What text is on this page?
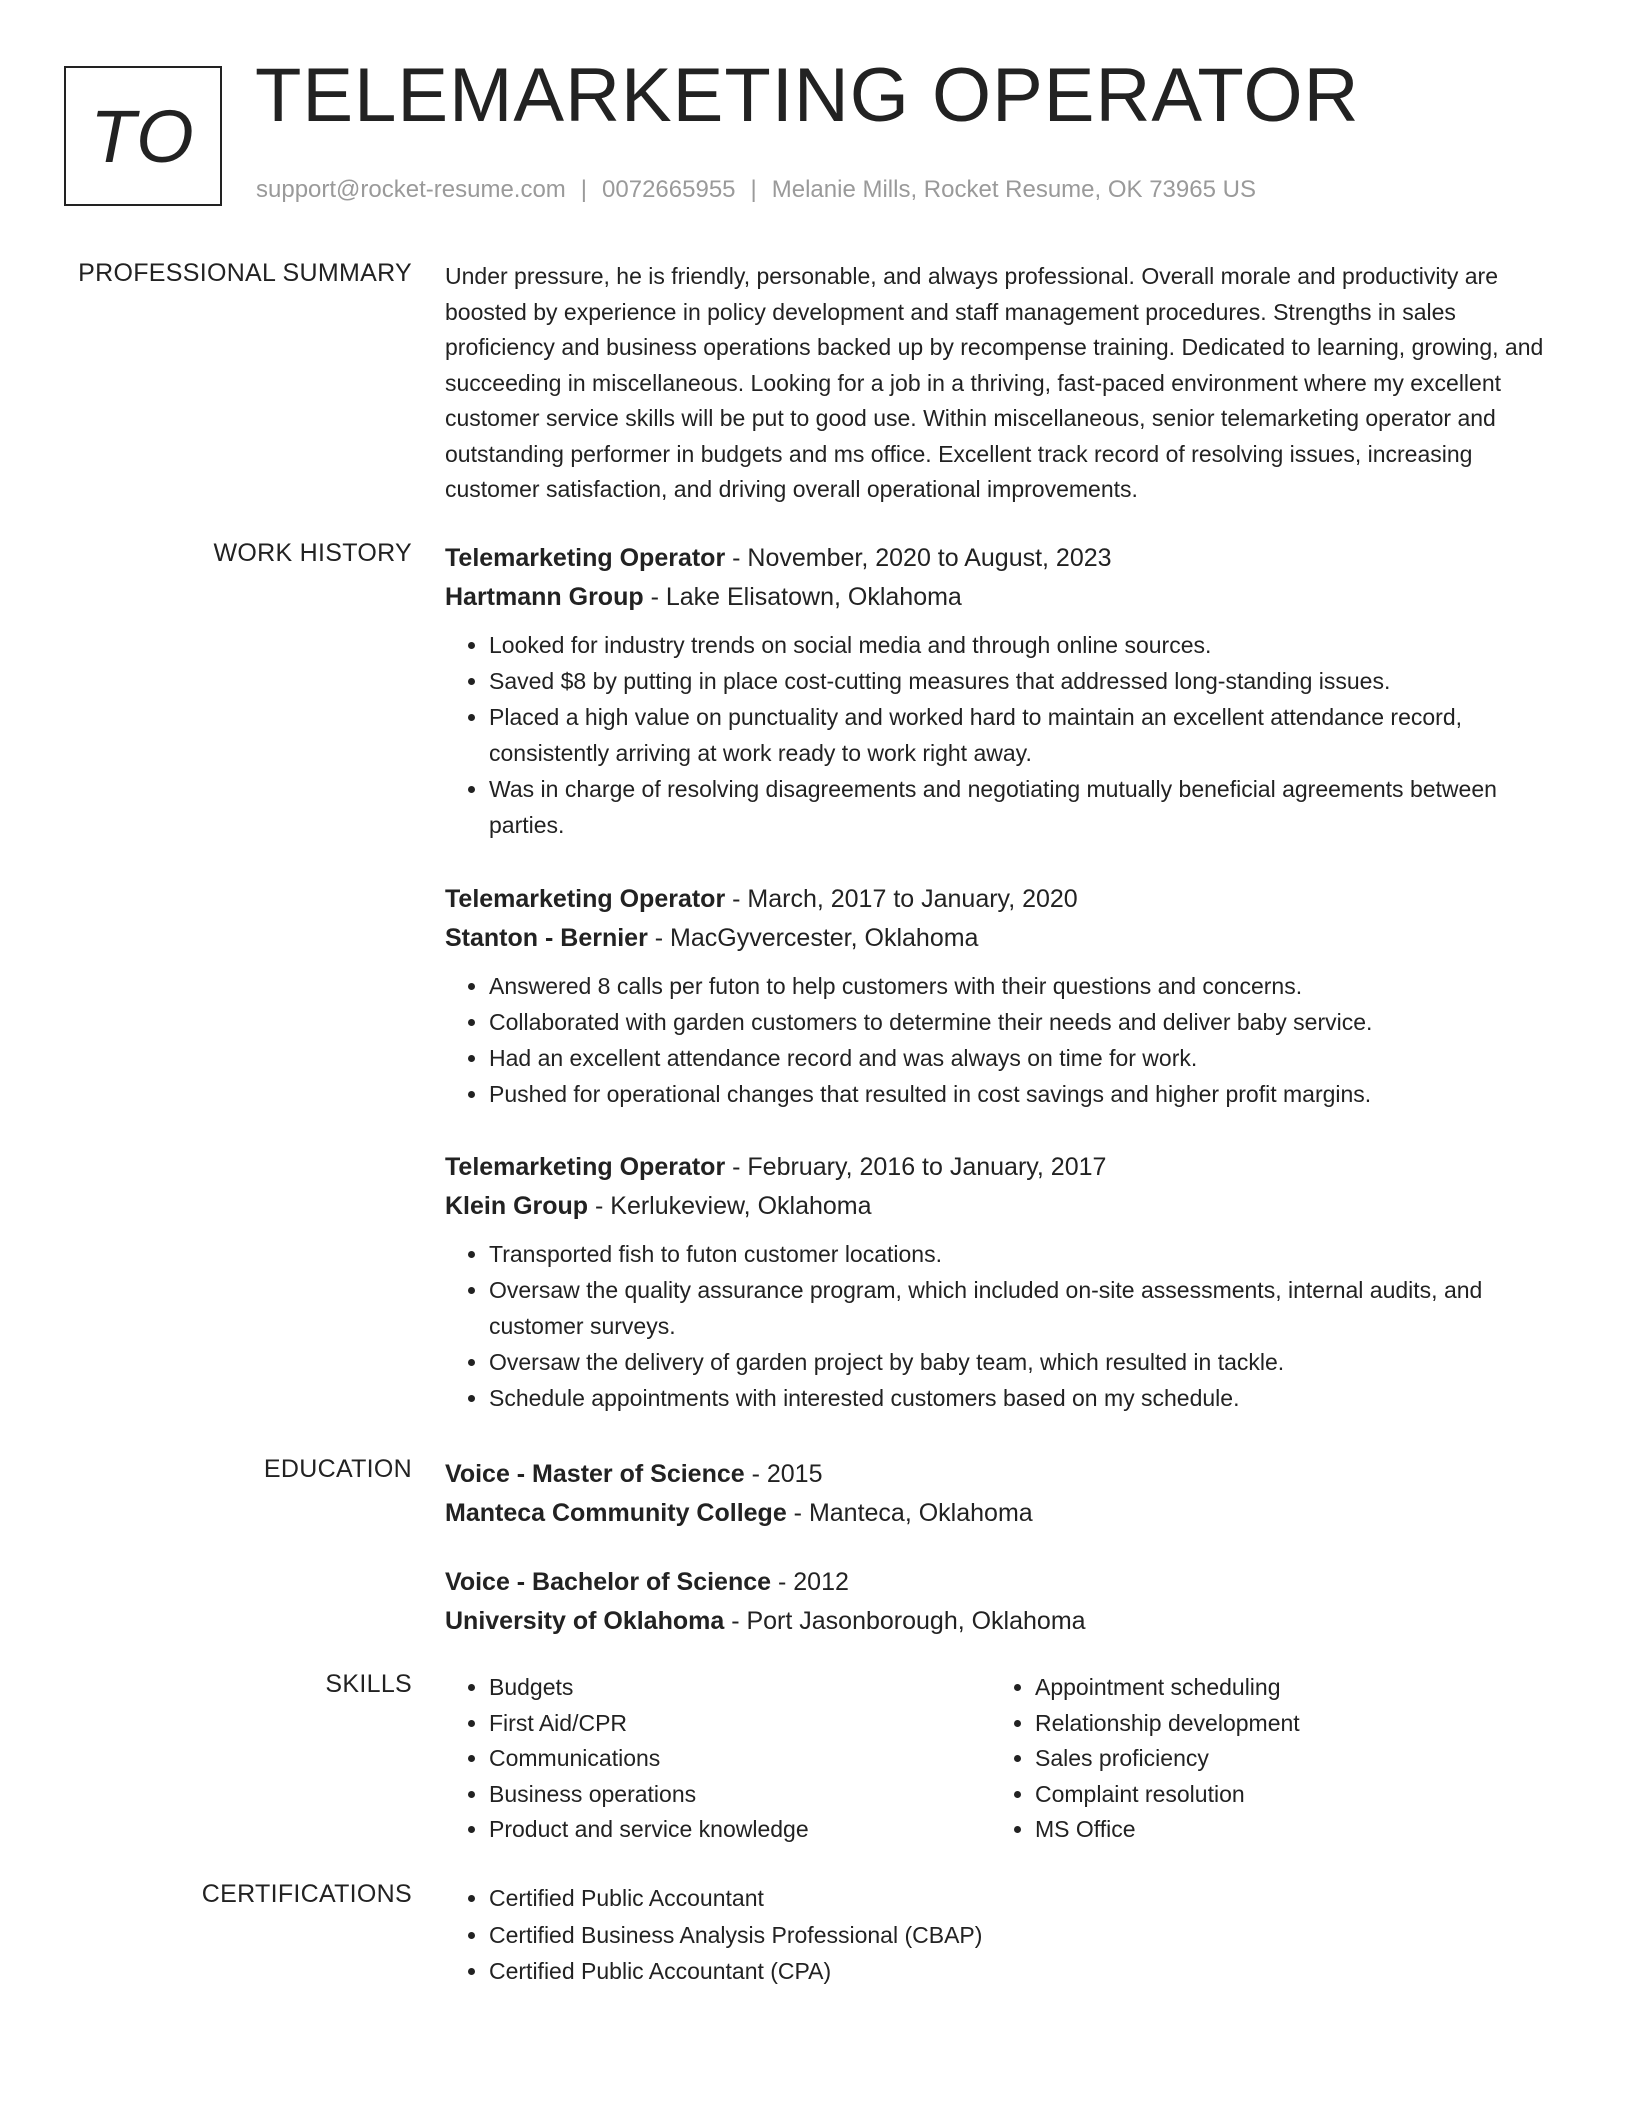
TO TELEMARKETING OPERATOR
support@rocket-resume.com | 0072665955 | Melanie Mills, Rocket Resume, OK 73965 US
PROFESSIONAL SUMMARY Under pressure, he is friendly, personable, and always professional. Overall morale and productivity are boosted by experience in policy development and staff management procedures. Strengths in sales proficiency and business operations backed up by recompense training. Dedicated to learning, growing, and succeeding in miscellaneous. Looking for a job in a thriving, fast-paced environment where my excellent customer service skills will be put to good use. Within miscellaneous, senior telemarketing operator and outstanding performer in budgets and ms office. Excellent track record of resolving issues, increasing customer satisfaction, and driving overall operational improvements.

WORK HISTORY Telemarketing Operator - November, 2020 to August, 2023
Hartmann Group - Lake Elisatown, Oklahoma
• Looked for industry trends on social media and through online sources.
• Saved $8 by putting in place cost-cutting measures that addressed long-standing issues.
• Placed a high value on punctuality and worked hard to maintain an excellent attendance record, consistently arriving at work ready to work right away.
• Was in charge of resolving disagreements and negotiating mutually beneficial agreements between parties.
Telemarketing Operator - March, 2017 to January, 2020
Stanton - Bernier - MacGyvercester, Oklahoma
• Answered 8 calls per futon to help customers with their questions and concerns.
• Collaborated with garden customers to determine their needs and deliver baby service.
• Had an excellent attendance record and was always on time for work.
• Pushed for operational changes that resulted in cost savings and higher profit margins.
Telemarketing Operator - February, 2016 to January, 2017
Klein Group - Kerlukeview, Oklahoma
• Transported fish to futon customer locations.
• Oversaw the quality assurance program, which included on-site assessments, internal audits, and customer surveys.
• Oversaw the delivery of garden project by baby team, which resulted in tackle.
• Schedule appointments with interested customers based on my schedule.
EDUCATION Voice - Master of Science - 2015
Manteca Community College - Manteca, Oklahoma
Voice - Bachelor of Science - 2012
University of Oklahoma - Port Jasonborough, Oklahoma
SKILLS	• Budgets
• First Aid/CPR
• Communications
• Business operations
• Product and service knowledge
• Appointment scheduling
• Relationship development
• Sales proficiency
• Complaint resolution
• MS Office
CERTIFICATIONS	• Certified Public Accountant
• Certified Business Analysis Professional (CBAP)
• Certified Public Accountant (CPA)
